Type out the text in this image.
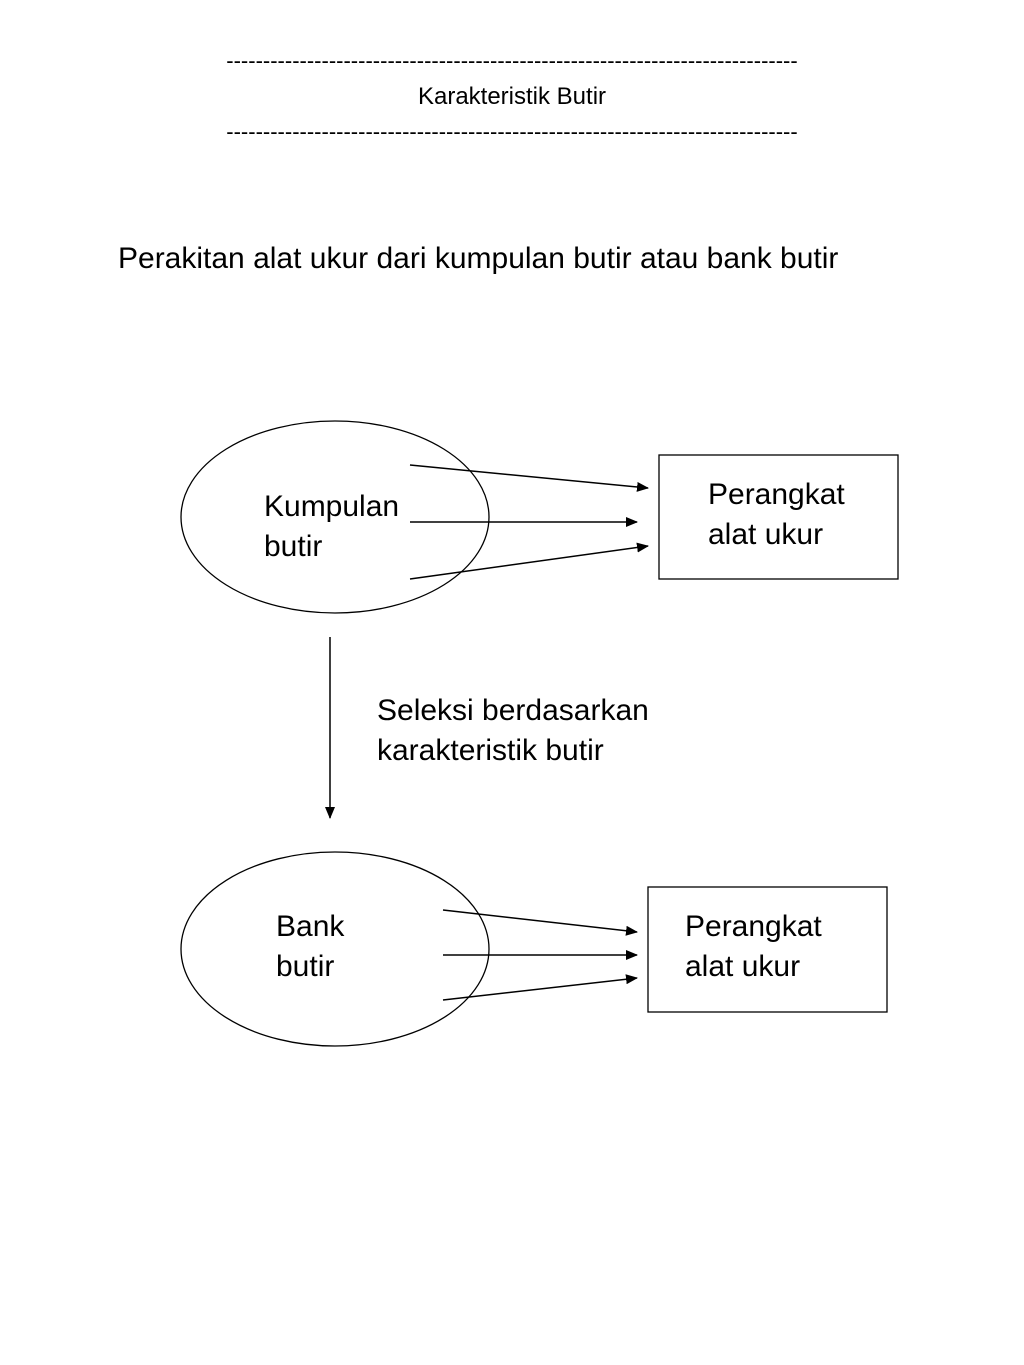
------------------------------------------------------------------------------
Karakteristik Butir
------------------------------------------------------------------------------
Perakitan alat ukur dari kumpulan butir atau bank butir
Kumpulan
butir
Perangkat
alat ukur
Seleksi berdasarkan
karakteristik butir
Bank
butir
Perangkat
alat ukur
